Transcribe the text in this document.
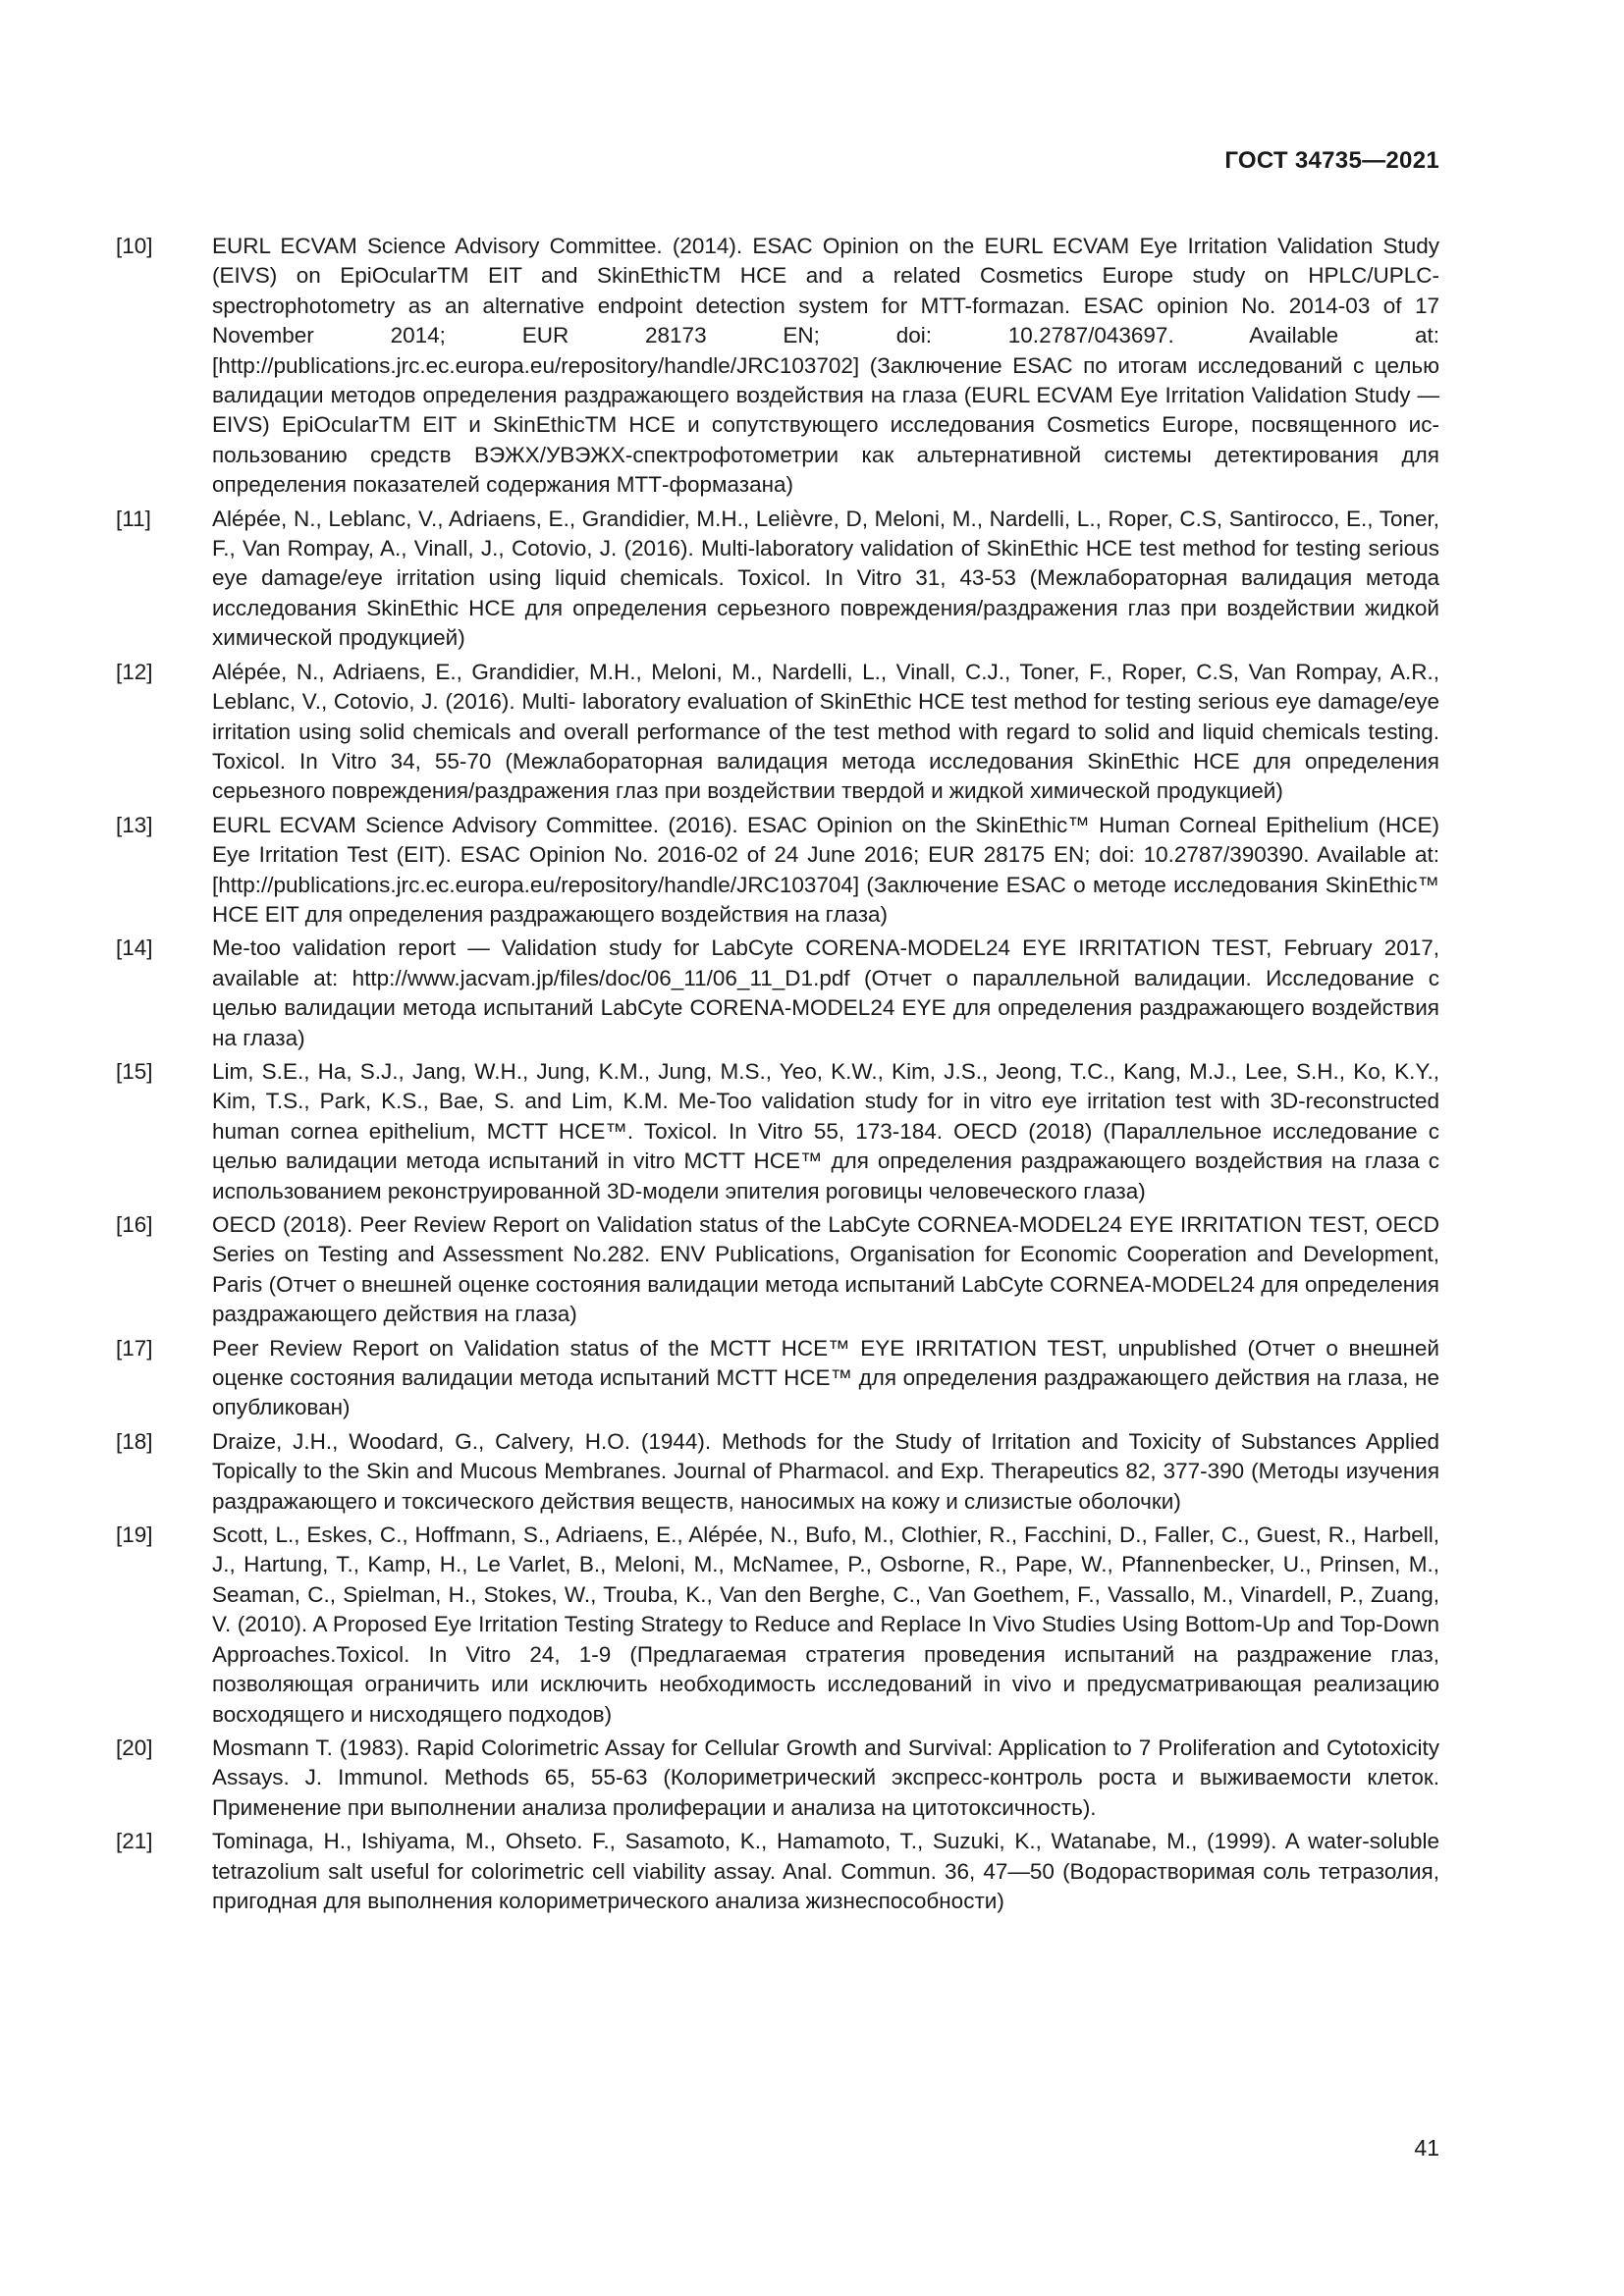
ГОСТ 34735—2021
[10]	EURL ECVAM Science Advisory Committee. (2014). ESAC Opinion on the EURL ECVAM Eye Irritation Validation Study (EIVS) on EpiOcularTM EIT and SkinEthicTM HCE and a related Cosmetics Europe study on HPLC/UPLC-spectrophotometry as an alternative endpoint detection system for MTT-formazan. ESAC opinion No. 2014-03 of 17 November 2014; EUR 28173 EN; doi: 10.2787/043697. Available at: [http://publications.jrc.ec.europa.eu/repository/handle/JRC103702] (Заключение ESAC по итогам исследований с целью валидации методов определения раздражающего воздействия на глаза (EURL ECVAM Eye Irritation Validation Study — EIVS) EpiOcularTM EIT и SkinEthicTM HCE и сопутствующего исследования Cosmetics Europe, посвященного использованию средств ВЭЖХ/УВЭЖХ-спектрофотометрии как альтернативной системы детектирования для определения показателей содержания МТТ-формазана)
[11]	Alépée, N., Leblanc, V., Adriaens, E., Grandidier, M.H., Lelièvre, D, Meloni, M., Nardelli, L., Roper, C.S, Santirocco, E., Toner, F., Van Rompay, A., Vinall, J., Cotovio, J. (2016). Multi-laboratory validation of SkinEthic HCE test method for testing serious eye damage/eye irritation using liquid chemicals. Toxicol. In Vitro 31, 43-53 (Межлабораторная валидация метода исследования SkinEthic HCE для определения серьезного повреждения/раздражения глаз при воздействии жидкой химической продукцией)
[12]	Alépée, N., Adriaens, E., Grandidier, M.H., Meloni, M., Nardelli, L., Vinall, C.J., Toner, F., Roper, C.S, Van Rompay, A.R., Leblanc, V., Cotovio, J. (2016). Multi- laboratory evaluation of SkinEthic HCE test method for testing serious eye damage/eye irritation using solid chemicals and overall performance of the test method with regard to solid and liquid chemicals testing. Toxicol. In Vitro 34, 55-70 (Межлабораторная валидация метода исследования SkinEthic HCE для определения серьезного повреждения/раздражения глаз при воздействии твердой и жидкой химической продукцией)
[13]	EURL ECVAM Science Advisory Committee. (2016). ESAC Opinion on the SkinEthic™ Human Corneal Epithelium (HCE) Eye Irritation Test (EIT). ESAC Opinion No. 2016-02 of 24 June 2016; EUR 28175 EN; doi: 10.2787/390390. Available at: [http://publications.jrc.ec.europa.eu/repository/handle/JRC103704] (Заключение ESAC о методе исследования SkinEthic™ HCE EIT для определения раздражающего воздействия на глаза)
[14]	Me-too validation report — Validation study for LabCyte CORENA-MODEL24 EYE IRRITATION TEST, February 2017, available at: http://www.jacvam.jp/files/doc/06_11/06_11_D1.pdf (Отчет о параллельной валидации. Исследование с целью валидации метода испытаний LabCyte CORENA-MODEL24 EYE для определения раздражающего воздействия на глаза)
[15]	Lim, S.E., Ha, S.J., Jang, W.H., Jung, K.M., Jung, M.S., Yeo, K.W., Kim, J.S., Jeong, T.C., Kang, M.J., Lee, S.H., Ko, K.Y., Kim, T.S., Park, K.S., Bae, S. and Lim, K.M. Me-Too validation study for in vitro eye irritation test with 3D-reconstructed human cornea epithelium, MCTT HCE™. Toxicol. In Vitro 55, 173-184. OECD (2018) (Параллельное исследование с целью валидации метода испытаний in vitro MCTT HCE™ для определения раздражающего воздействия на глаза с использованием реконструированной 3D-модели эпителия роговицы человеческого глаза)
[16]	OECD (2018). Peer Review Report on Validation status of the LabCyte CORNEA-MODEL24 EYE IRRITATION TEST, OECD Series on Testing and Assessment No.282. ENV Publications, Organisation for Economic Cooperation and Development, Paris (Отчет о внешней оценке состояния валидации метода испытаний LabCyte CORNEA-MODEL24 для определения раздражающего действия на глаза)
[17]	Peer Review Report on Validation status of the MCTT HCE™ EYE IRRITATION TEST, unpublished (Отчет о внешней оценке состояния валидации метода испытаний MCTT HCE™ для определения раздражающего действия на глаза, не опубликован)
[18]	Draize, J.H., Woodard, G., Calvery, H.O. (1944). Methods for the Study of Irritation and Toxicity of Substances Applied Topically to the Skin and Mucous Membranes. Journal of Pharmacol. and Exp. Therapeutics 82, 377-390 (Методы изучения раздражающего и токсического действия веществ, наносимых на кожу и слизистые оболочки)
[19]	Scott, L., Eskes, C., Hoffmann, S., Adriaens, E., Alépée, N., Bufo, M., Clothier, R., Facchini, D., Faller, C., Guest, R., Harbell, J., Hartung, T., Kamp, H., Le Varlet, B., Meloni, M., McNamee, P., Osborne, R., Pape, W., Pfannenbecker, U., Prinsen, M., Seaman, C., Spielman, H., Stokes, W., Trouba, K., Van den Berghe, C., Van Goethem, F., Vassallo, M., Vinardell, P., Zuang, V. (2010). A Proposed Eye Irritation Testing Strategy to Reduce and Replace In Vivo Studies Using Bottom-Up and Top-Down Approaches.Toxicol. In Vitro 24, 1-9 (Предлагаемая стратегия проведения испытаний на раздражение глаз, позволяющая ограничить или исключить необходимость исследований in vivo и предусматривающая реализацию восходящего и нисходящего подходов)
[20]	Mosmann T. (1983). Rapid Colorimetric Assay for Cellular Growth and Survival: Application to 7 Proliferation and Cytotoxicity Assays. J. Immunol. Methods 65, 55-63 (Колориметрический экспресс-контроль роста и выживаемости клеток. Применение при выполнении анализа пролиферации и анализа на цитотоксичность).
[21]	Tominaga, H., Ishiyama, M., Ohseto. F., Sasamoto, K., Hamamoto, T., Suzuki, K., Watanabe, M., (1999). A water-soluble tetrazolium salt useful for colorimetric cell viability assay. Anal. Commun. 36, 47—50 (Водорастворимая соль тетразолия, пригодная для выполнения колориметрического анализа жизнеспособности)
41
